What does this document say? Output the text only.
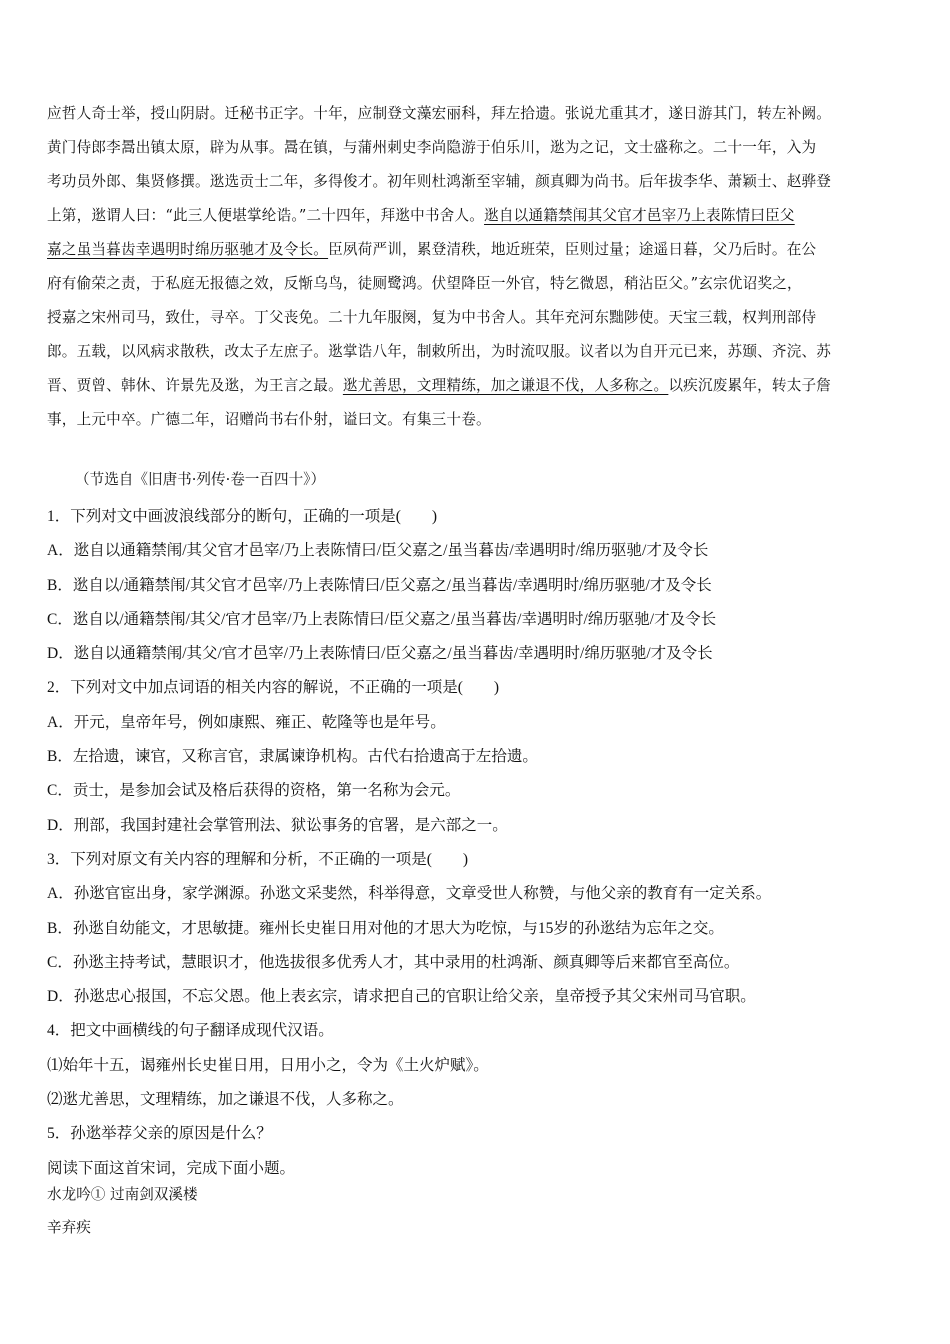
应哲人奇士举，授山阴尉。迁秘书正字。十年，应制登文藻宏丽科，拜左拾遗。张说尤重其才，遂日游其门，转左补阙。
黄门侍郎李暠出镇太原，辟为从事。暠在镇，与蒲州刺史李尚隐游于伯乐川，逖为之记，文士盛称之。二十一年，入为
考功员外郎、集贤修撰。逖选贡士二年，多得俊才。初年则杜鸿渐至宰辅，颜真卿为尚书。后年拔李华、萧颖士、赵骅登
上第，逖谓人曰：“此三人便堪掌纶诰。”二十四年，拜逖中书舍人。逖自以通籍禁闱其父官才邑宰乃上表陈情曰臣父
嘉之虽当暮齿幸遇明时绵历驱驰才及令长。臣夙荷严训，累登清秩，地近班荣，臣则过量；途遥日暮，父乃后时。在公
府有偷荣之责，于私庭无报德之效，反惭乌鸟，徒厕鹭鸿。伏望降臣一外官，特乞微恩，稍沾臣父。”玄宗优诏奖之，
授嘉之宋州司马，致仕，寻卒。丁父丧免。二十九年服阕，复为中书舍人。其年充河东黜陟使。天宝三载，权判刑部侍
郎。五载，以风病求散秩，改太子左庶子。逖掌诰八年，制敕所出，为时流叹服。议者以为自开元已来，苏颋、齐浣、苏
晋、贾曾、韩休、许景先及逖，为王言之最。逖尤善思，文理精练，加之谦退不伐，人多称之。以疾沉废累年，转太子詹
事，上元中卒。广德二年，诏赠尚书右仆射，谥曰文。有集三十卷。
（节选自《旧唐书·列传·卷一百四十》）
1．下列对文中画波浪线部分的断句，正确的一项是(　　)
A．逖自以通籍禁闱/其父官才邑宰/乃上表陈情曰/臣父嘉之/虽当暮齿/幸遇明时/绵历驱驰/才及令长
B．逖自以/通籍禁闱/其父官才邑宰/乃上表陈情曰/臣父嘉之/虽当暮齿/幸遇明时/绵历驱驰/才及令长
C．逖自以/通籍禁闱/其父/官才邑宰/乃上表陈情曰/臣父嘉之/虽当暮齿/幸遇明时/绵历驱驰/才及令长
D．逖自以通籍禁闱/其父/官才邑宰/乃上表陈情曰/臣父嘉之/虽当暮齿/幸遇明时/绵历驱驰/才及令长
2．下列对文中加点词语的相关内容的解说，不正确的一项是(　　)
A．开元，皇帝年号，例如康熙、雍正、乾隆等也是年号。
B．左拾遗，谏官，又称言官，隶属谏诤机构。古代右拾遗高于左拾遗。
C．贡士，是参加会试及格后获得的资格，第一名称为会元。
D．刑部，我国封建社会掌管刑法、狱讼事务的官署，是六部之一。
3．下列对原文有关内容的理解和分析，不正确的一项是(　　)
A．孙逖官宦出身，家学渊源。孙逖文采斐然，科举得意，文章受世人称赞，与他父亲的教育有一定关系。
B．孙逖自幼能文，才思敏捷。雍州长史崔日用对他的才思大为吃惊，与15岁的孙逖结为忘年之交。
C．孙逖主持考试，慧眼识才，他选拔很多优秀人才，其中录用的杜鸿渐、颜真卿等后来都官至高位。
D．孙逖忠心报国，不忘父恩。他上表玄宗，请求把自己的官职让给父亲，皇帝授予其父宋州司马官职。
4．把文中画横线的句子翻译成现代汉语。
⑴始年十五，谒雍州长史崔日用，日用小之，令为《土火炉赋》。
⑵逖尤善思，文理精练，加之谦退不伐，人多称之。
5．孙逖举荐父亲的原因是什么？
阅读下面这首宋词，完成下面小题。
水龙吟① 过南剑双溪楼
辛弃疾
